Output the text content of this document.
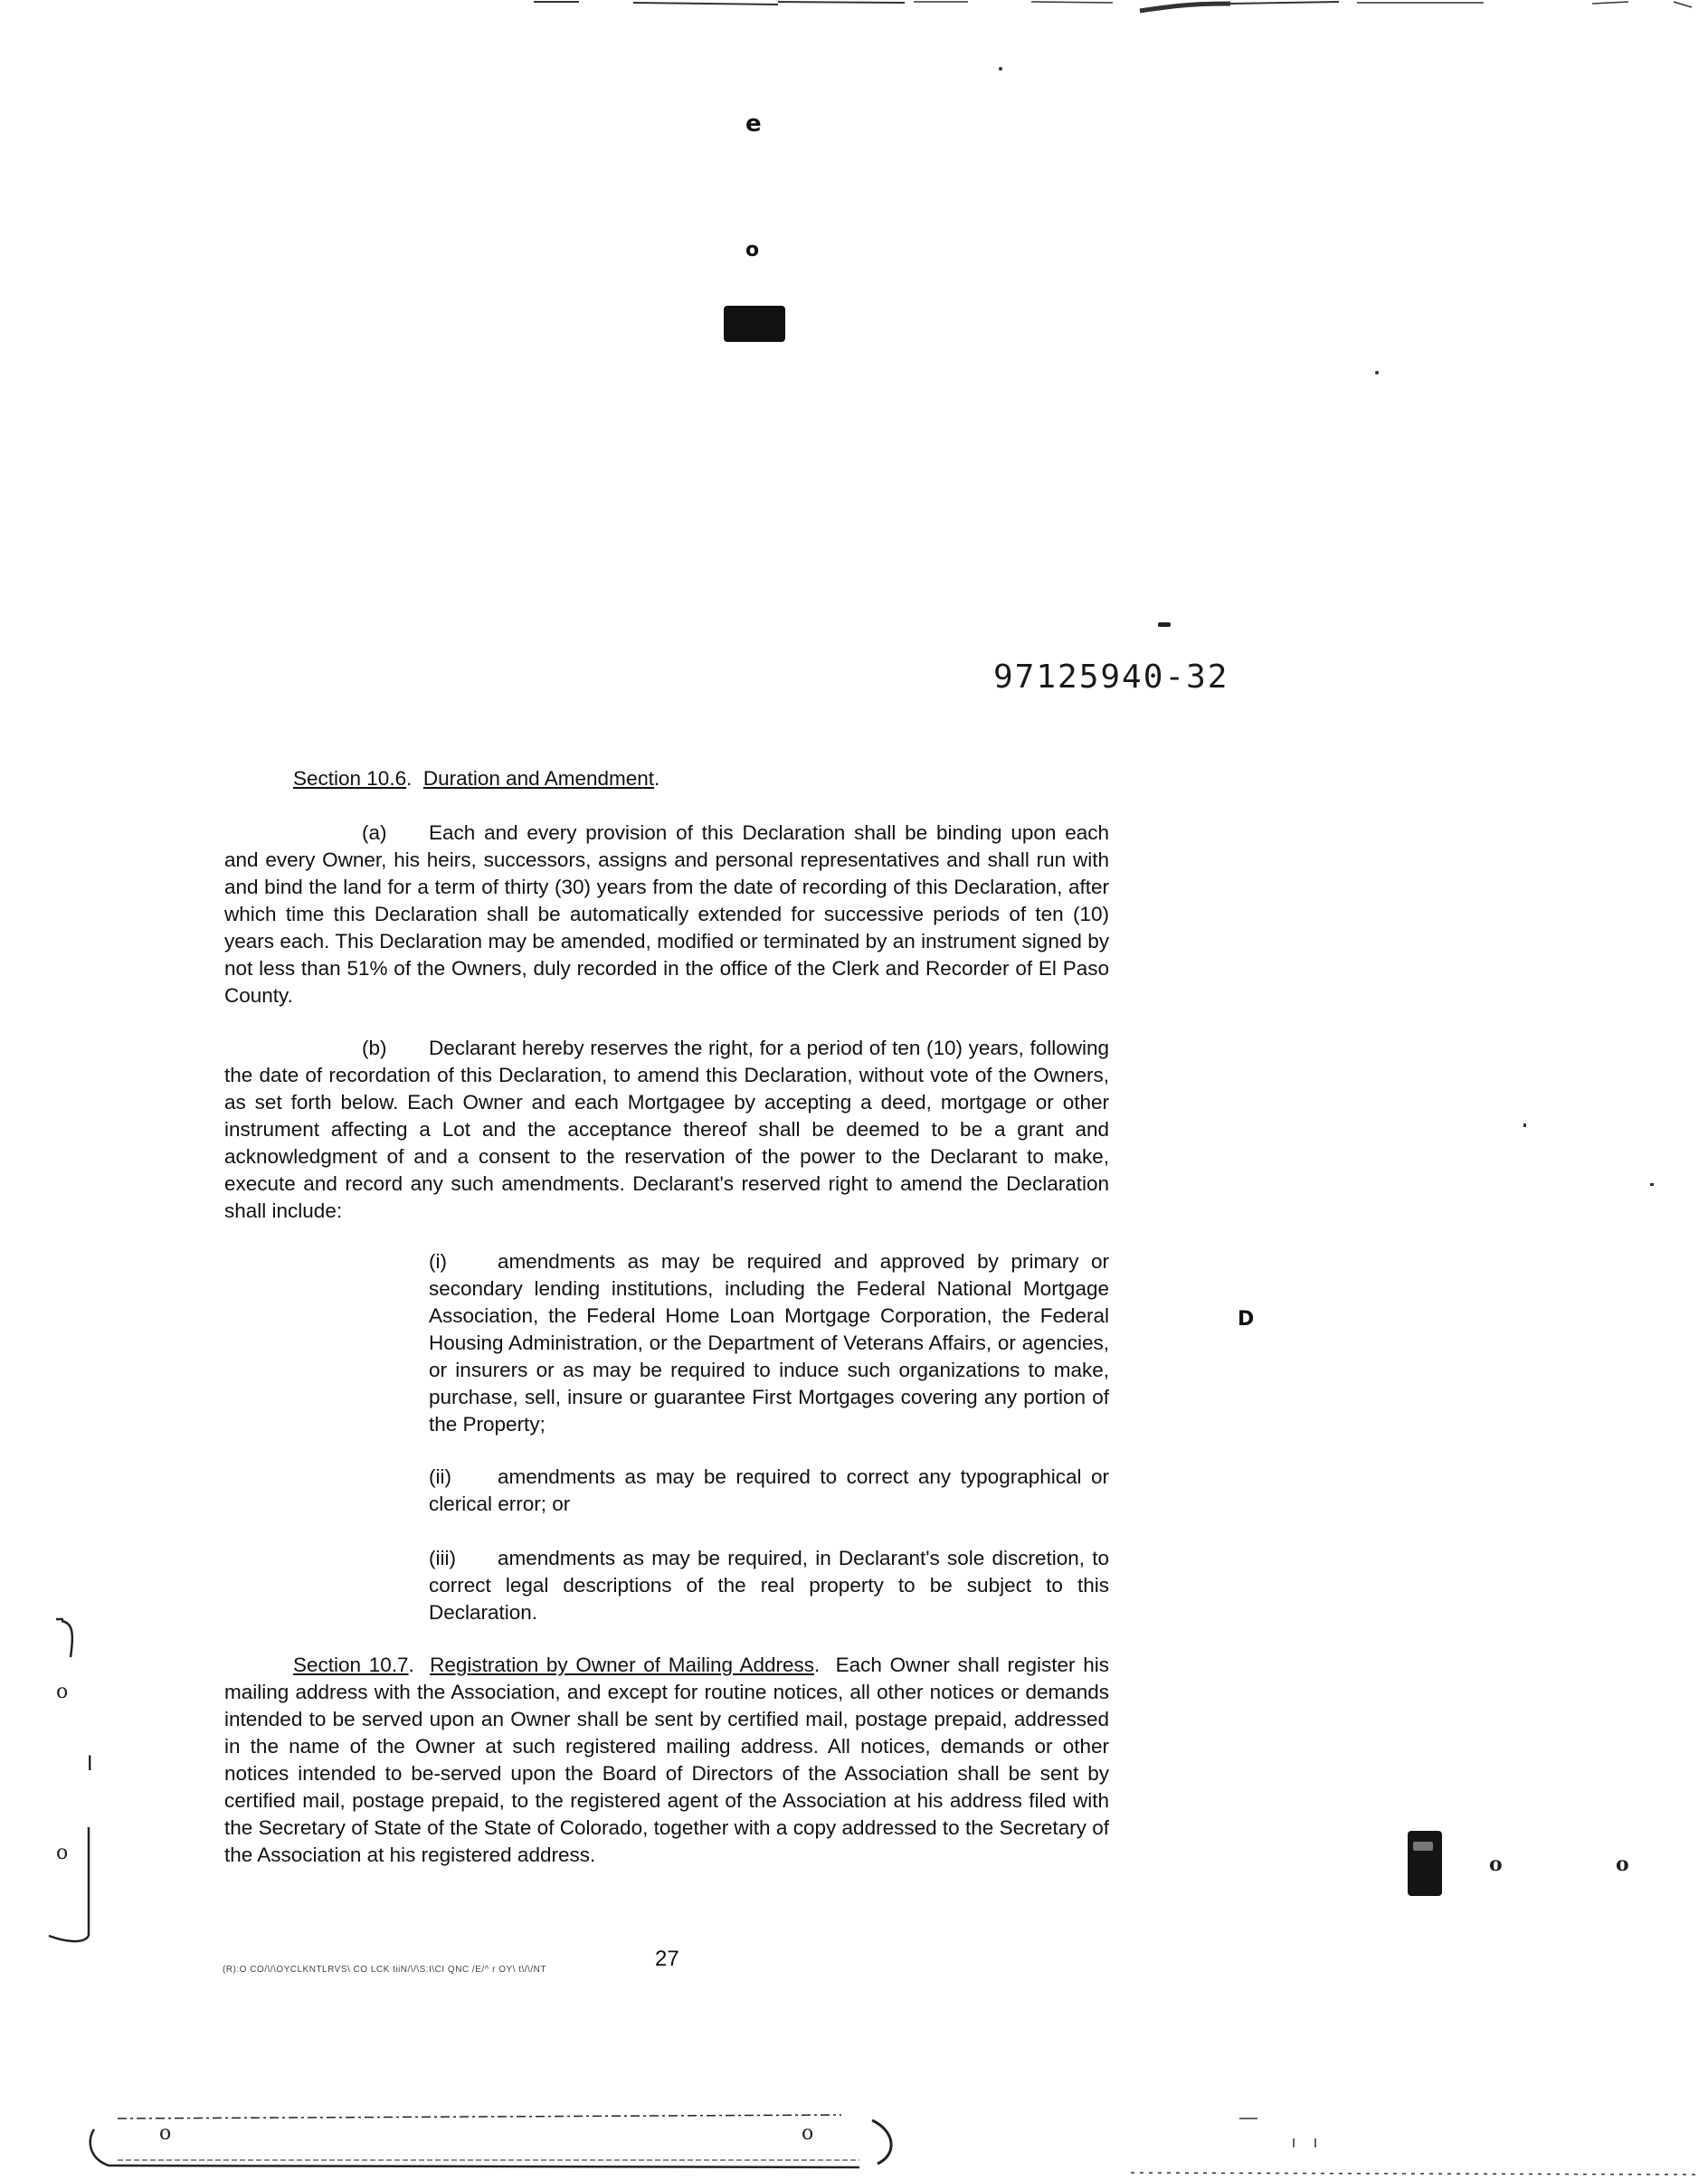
e
o
97125940-32
Section 10.6.  Duration and Amendment.
(a) Each and every provision of this Declaration shall be binding upon each and every Owner, his heirs, successors, assigns and personal representatives and shall run with and bind the land for a term of thirty (30) years from the date of recording of this Declaration, after which time this Declaration shall be automatically extended for successive periods of ten (10) years each. This Declaration may be amended, modified or terminated by an instrument signed by not less than 51% of the Owners, duly recorded in the office of the Clerk and Recorder of El Paso County.
(b) Declarant hereby reserves the right, for a period of ten (10) years, following the date of recordation of this Declaration, to amend this Declaration, without vote of the Owners, as set forth below. Each Owner and each Mortgagee by accepting a deed, mortgage or other instrument affecting a Lot and the acceptance thereof shall be deemed to be a grant and acknowledgment of and a consent to the reservation of the power to the Declarant to make, execute and record any such amendments. Declarant's reserved right to amend the Declaration shall include:
(i) amendments as may be required and approved by primary or secondary lending institutions, including the Federal National Mortgage Association, the Federal Home Loan Mortgage Corporation, the Federal Housing Administration, or the Department of Veterans Affairs, or agencies, or insurers or as may be required to induce such organizations to make, purchase, sell, insure or guarantee First Mortgages covering any portion of the Property;
(ii) amendments as may be required to correct any typographical or clerical error; or
(iii) amendments as may be required, in Declarant's sole discretion, to correct legal descriptions of the real property to be subject to this Declaration.
Section 10.7.  Registration by Owner of Mailing Address.  Each Owner shall register his mailing address with the Association, and except for routine notices, all other notices or demands intended to be served upon an Owner shall be sent by certified mail, postage prepaid, addressed in the name of the Owner at such registered mailing address. All notices, demands or other notices intended to be-served upon the Board of Directors of the Association shall be sent by certified mail, postage prepaid, to the registered agent of the Association at his address filed with the Secretary of State of the State of Colorado, together with a copy addressed to the Secretary of the Association at his registered address.
(R):O CO/\/\OYCLKNTLRVS\ CO LCK tiiN/\/\S:I\CI QNC /E/^ r OY\ t\/\/NT	27
D
o	o
o
I
o
o	o
